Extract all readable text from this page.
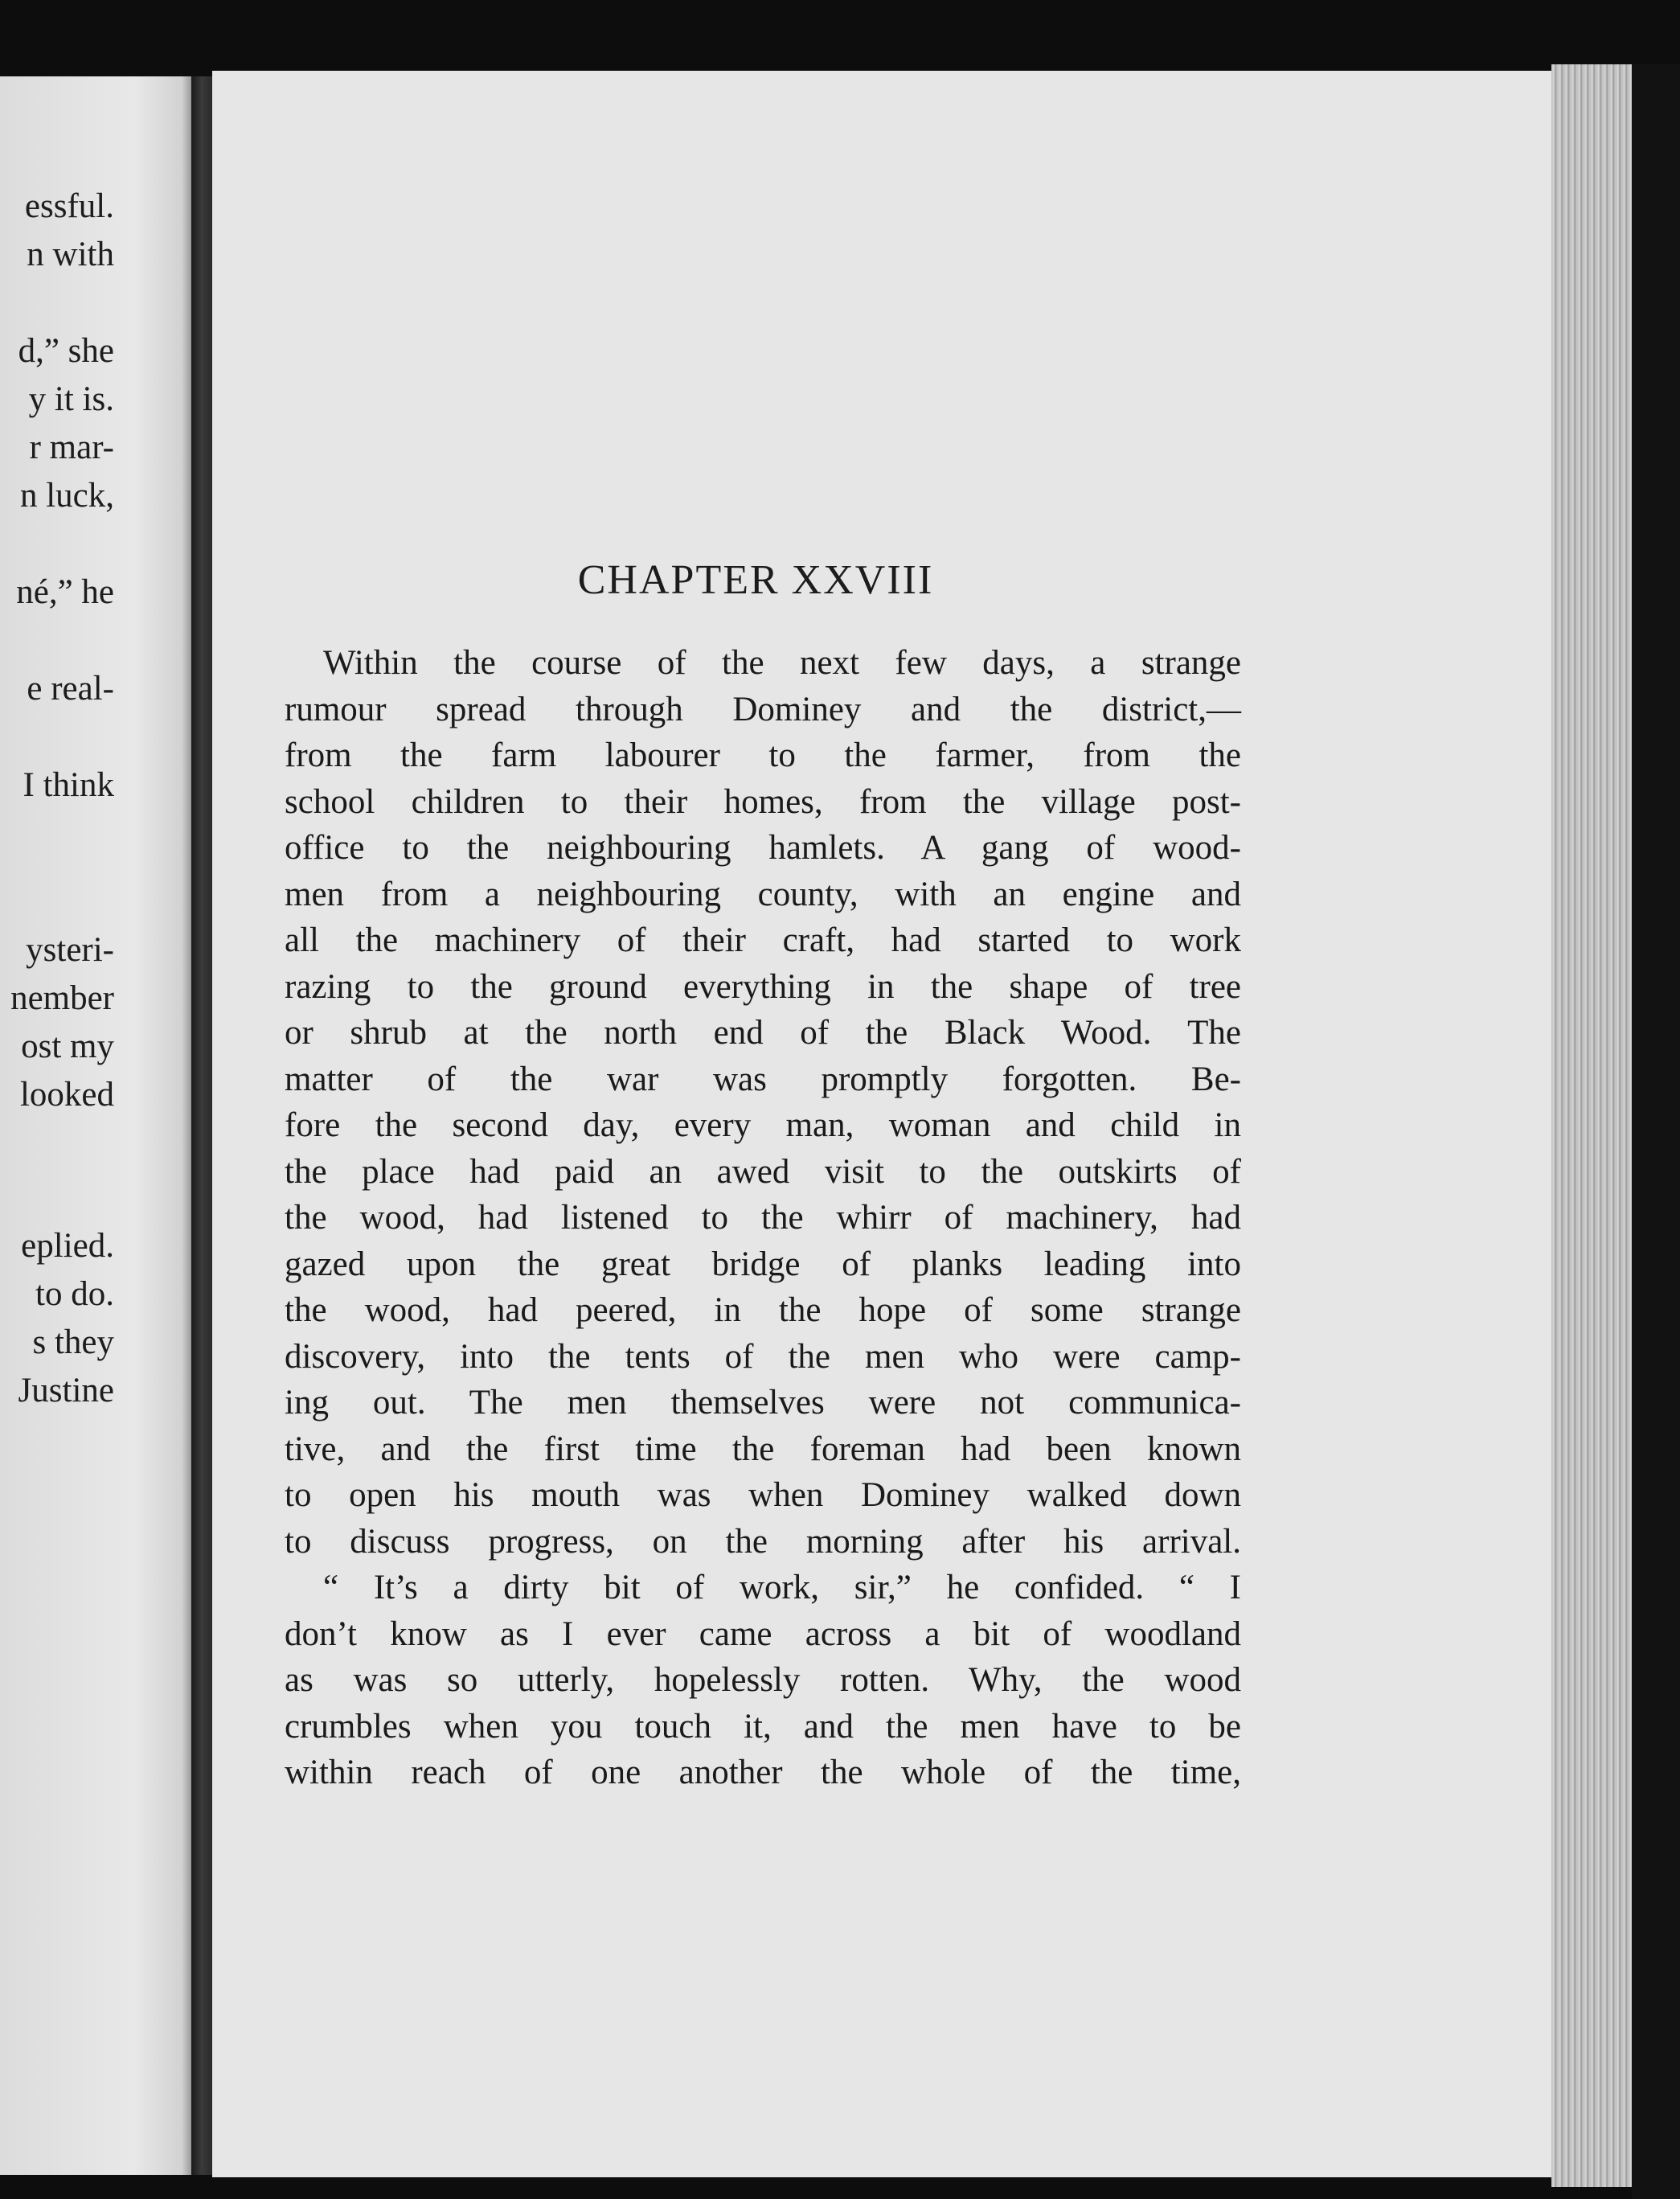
essful.
n with
d,” she
y it is.
r mar-
n luck,
né,” he
e real-
I think
ysteri-
nember
ost my
looked
eplied.
to do.
s they
Justine
CHAPTER XXVIII
Within the course of the next few days, a strange
rumour spread through Dominey and the district,—
from the farm labourer to the farmer, from the
school children to their homes, from the village post-
office to the neighbouring hamlets. A gang of wood-
men from a neighbouring county, with an engine and
all the machinery of their craft, had started to work
razing to the ground everything in the shape of tree
or shrub at the north end of the Black Wood. The
matter of the war was promptly forgotten. Be-
fore the second day, every man, woman and child in
the place had paid an awed visit to the outskirts of
the wood, had listened to the whirr of machinery, had
gazed upon the great bridge of planks leading into
the wood, had peered, in the hope of some strange
discovery, into the tents of the men who were camp-
ing out. The men themselves were not communica-
tive, and the first time the foreman had been known
to open his mouth was when Dominey walked down
to discuss progress, on the morning after his arrival.
“ It’s a dirty bit of work, sir,” he confided. “ I
don’t know as I ever came across a bit of woodland
as was so utterly, hopelessly rotten. Why, the wood
crumbles when you touch it, and the men have to be
within reach of one another the whole of the time,
